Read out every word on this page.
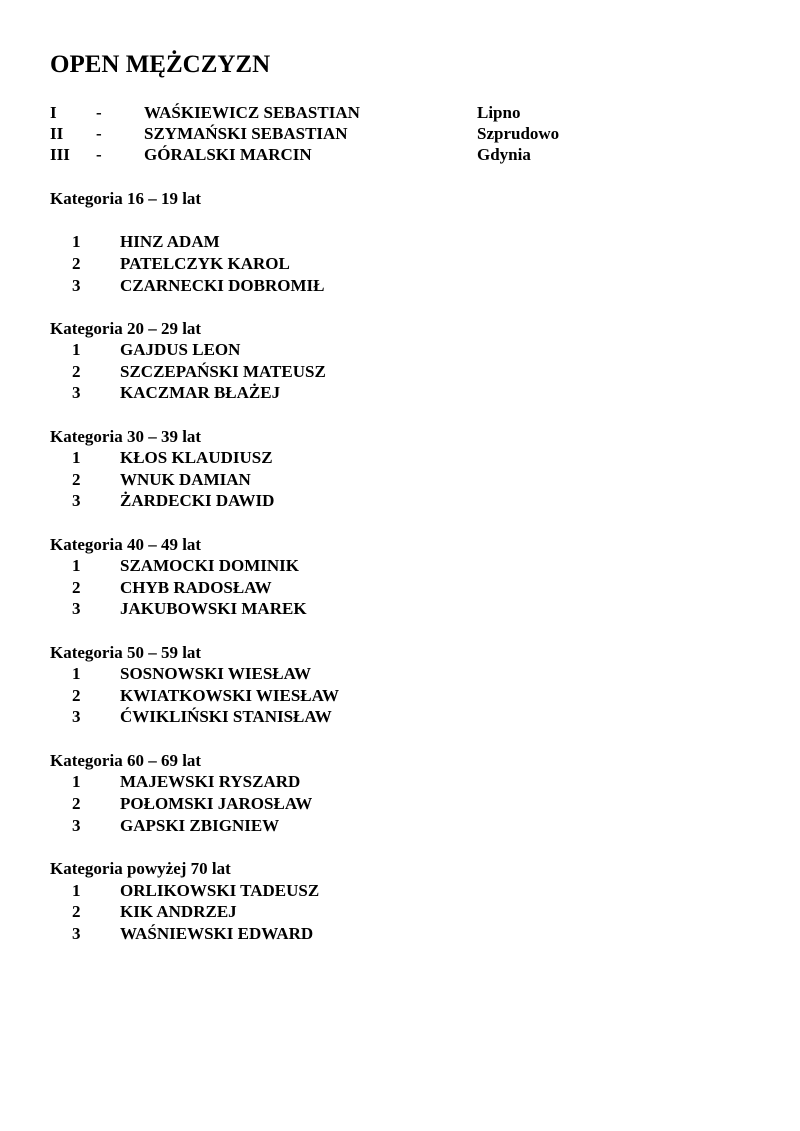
OPEN MĘŻCZYZN
I - WAŚKIEWICZ SEBASTIAN	Lipno
II - SZYMAŃSKI SEBASTIAN	Szprudowo
III - GÓRALSKI MARCIN	Gdynia
Kategoria 16 – 19 lat
1 HINZ ADAM
2 PATELCZYK KAROL
3 CZARNECKI DOBROMIŁ
Kategoria 20 – 29 lat
1 GAJDUS LEON
2 SZCZEPAŃSKI MATEUSZ
3 KACZMAR BŁAŻEJ
Kategoria 30 – 39 lat
1 KŁOS KLAUDIUSZ
2 WNUK DAMIAN
3 ŻARDECKI DAWID
Kategoria 40 – 49 lat
1 SZAMOCKI DOMINIK
2 CHYB RADOSŁAW
3 JAKUBOWSKI MAREK
Kategoria 50 – 59 lat
1 SOSNOWSKI WIESŁAW
2 KWIATKOWSKI WIESŁAW
3 ĆWIKLIŃSKI STANISŁAW
Kategoria 60 – 69 lat
1 MAJEWSKI RYSZARD
2 POŁOMSKI JAROSŁAW
3 GAPSKI ZBIGNIEW
Kategoria powyżej 70 lat
1 ORLIKOWSKI TADEUSZ
2 KIK ANDRZEJ
3 WAŚNIEWSKI EDWARD
